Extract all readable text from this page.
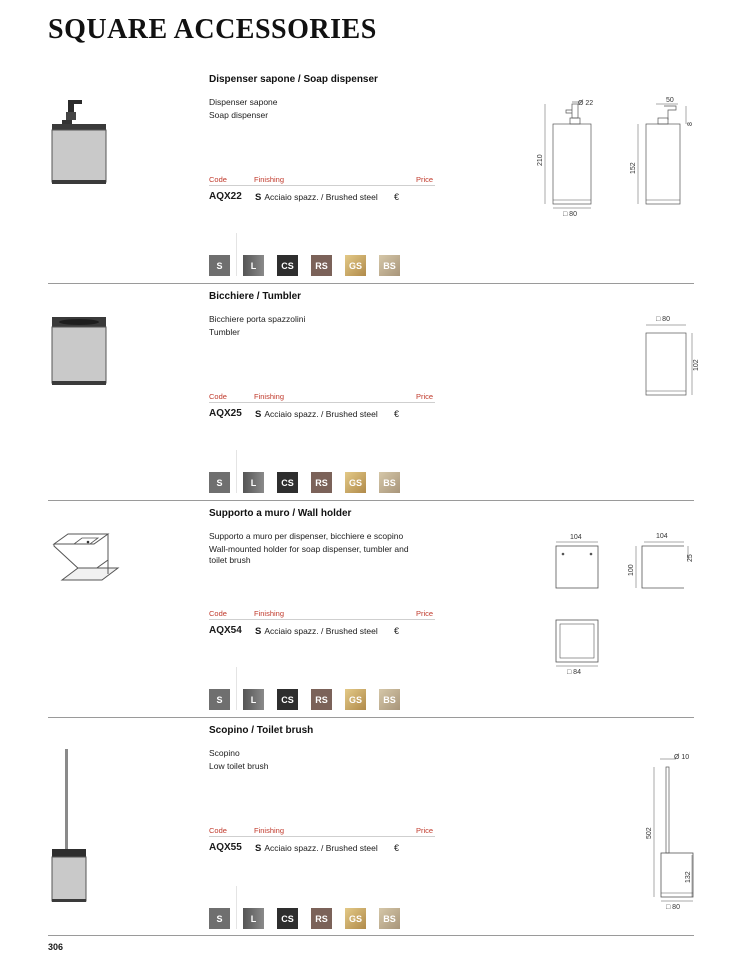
SQUARE ACCESSORIES
Dispenser sapone / Soap dispenser
Dispenser sapone
Soap dispenser
Code	Finishing	Price
AQX22 S Acciaio spazz. / Brushed steel €
S	L	CS	RS	GS	BS
Ø 22
210
□ 80
50
8
152
Bicchiere / Tumbler
Bicchiere porta spazzolini
Tumbler
Code	Finishing	Price
AQX25 S Acciaio spazz. / Brushed steel €
S	L	CS	RS	GS	BS
□ 80
102
Supporto a muro / Wall holder
Supporto a muro per dispenser, bicchiere e scopino
Wall-mounted holder for soap dispenser, tumbler and
toilet brush
Code	Finishing	Price
AQX54 S Acciaio spazz. / Brushed steel €
S	L	CS	RS	GS	BS
104	104
100
25
□ 84
Scopino / Toilet brush
Scopino
Low toilet brush
Code	Finishing	Price
AQX55 S Acciaio spazz. / Brushed steel €
S	L	CS	RS	GS	BS
Ø 10
502
132
□ 80
306
